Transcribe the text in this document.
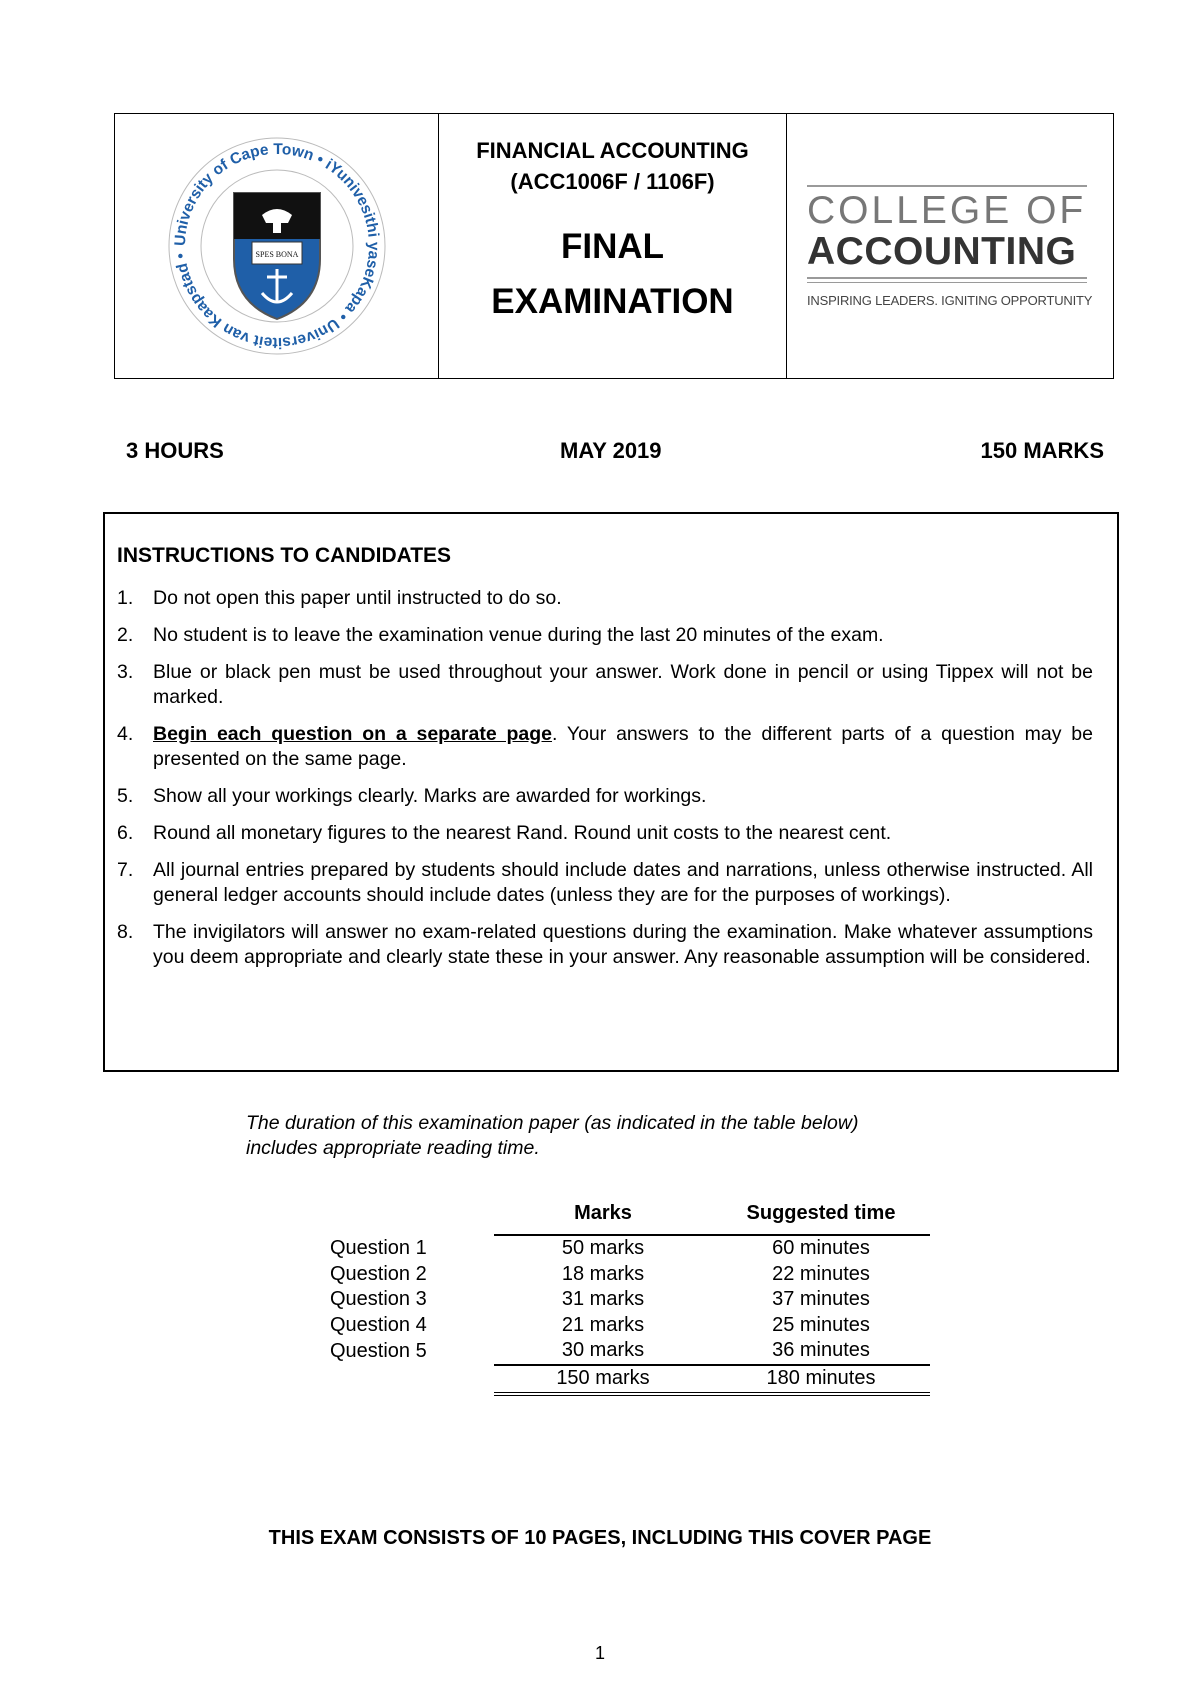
University of Cape Town • iYunivesithi yaseKapa • Universiteit van Kaapstad •	SPES BONA
FINANCIAL ACCOUNTING
(ACC1006F / 1106F)
FINAL
EXAMINATION
COLLEGE OF
ACCOUNTING
INSPIRING LEADERS. IGNITING OPPORTUNITY
3 HOURS	MAY 2019	150 MARKS
INSTRUCTIONS TO CANDIDATES
1.	Do not open this paper until instructed to do so.
2.	No student is to leave the examination venue during the last 20 minutes of the exam.
3.	Blue or black pen must be used throughout your answer. Work done in pencil or using Tippex will not be marked.
4.	Begin each question on a separate page. Your answers to the different parts of a question may be presented on the same page.
5.	Show all your workings clearly. Marks are awarded for workings.
6.	Round all monetary figures to the nearest Rand. Round unit costs to the nearest cent.
7.	All journal entries prepared by students should include dates and narrations, unless otherwise instructed. All general ledger accounts should include dates (unless they are for the purposes of workings).
8.	The invigilators will answer no exam-related questions during the examination. Make whatever assumptions you deem appropriate and clearly state these in your answer. Any reasonable assumption will be considered.
The duration of this examination paper (as indicated in the table below)
includes appropriate reading time.
	Marks	Suggested time
Question 1	50 marks	60 minutes
Question 2	18 marks	22 minutes
Question 3	31 marks	37 minutes
Question 4	21 marks	25 minutes
Question 5	30 marks	36 minutes
	150 marks	180 minutes
THIS EXAM CONSISTS OF 10 PAGES, INCLUDING THIS COVER PAGE
1
